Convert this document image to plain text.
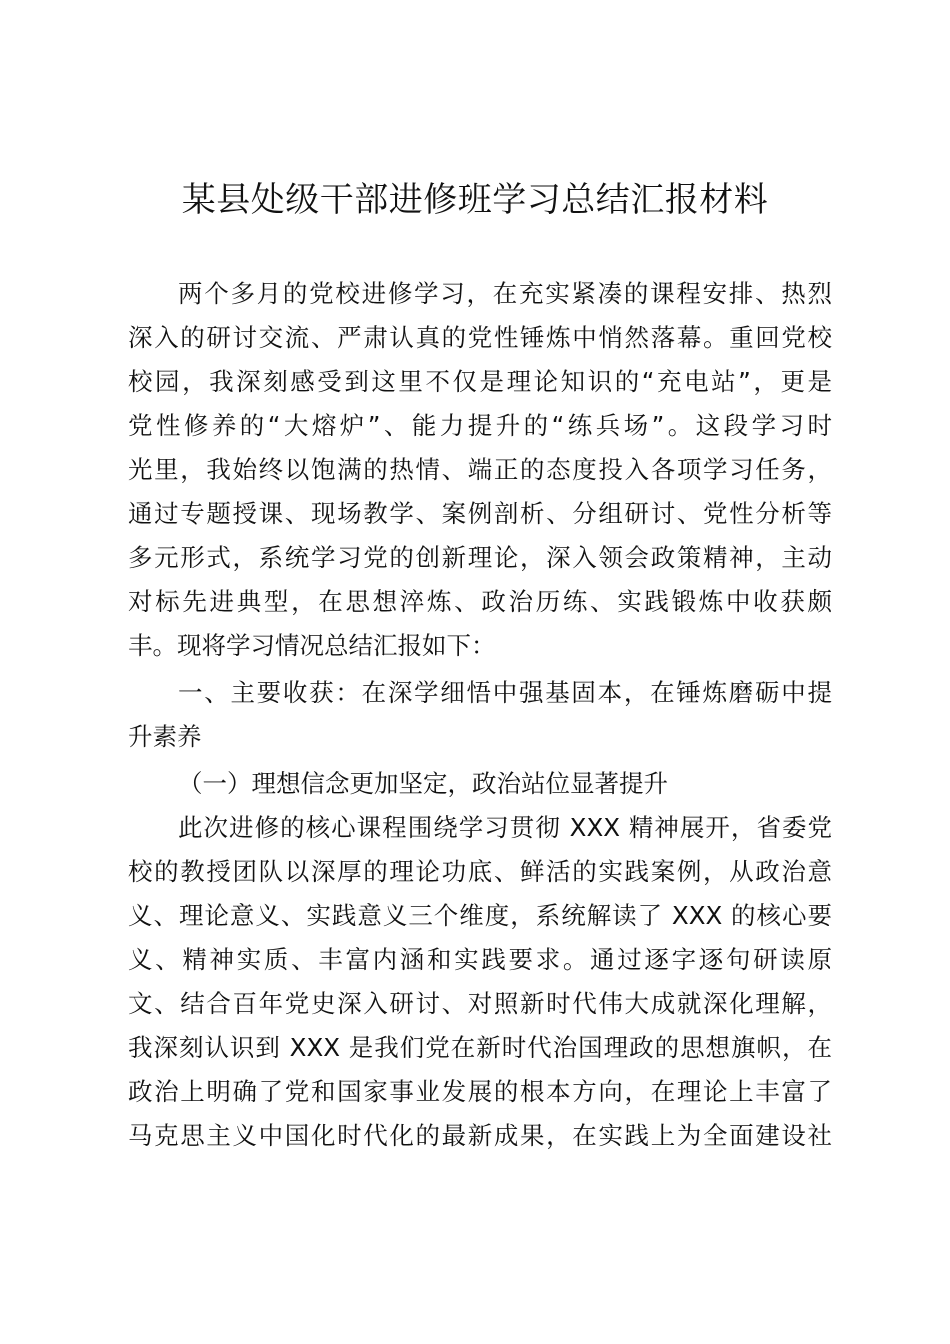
某县处级干部进修班学习总结汇报材料
两个多月的党校进修学习，在充实紧凑的课程安排、热烈
深入的研讨交流、严肃认真的党性锤炼中悄然落幕。重回党校
校园，我深刻感受到这里不仅是理论知识的“充电站”，更是
党性修养的“大熔炉”、能力提升的“练兵场”。这段学习时
光里，我始终以饱满的热情、端正的态度投入各项学习任务，
通过专题授课、现场教学、案例剖析、分组研讨、党性分析等
多元形式，系统学习党的创新理论，深入领会政策精神，主动
对标先进典型，在思想淬炼、政治历练、实践锻炼中收获颇
丰。现将学习情况总结汇报如下：
一、主要收获：在深学细悟中强基固本，在锤炼磨砺中提
升素养
（一）理想信念更加坚定，政治站位显著提升
此次进修的核心课程围绕学习贯彻 XXX 精神展开，省委党
校的教授团队以深厚的理论功底、鲜活的实践案例，从政治意
义、理论意义、实践意义三个维度，系统解读了 XXX 的核心要
义、精神实质、丰富内涵和实践要求。通过逐字逐句研读原
文、结合百年党史深入研讨、对照新时代伟大成就深化理解，
我深刻认识到 XXX 是我们党在新时代治国理政的思想旗帜，在
政治上明确了党和国家事业发展的根本方向，在理论上丰富了
马克思主义中国化时代化的最新成果，在实践上为全面建设社
